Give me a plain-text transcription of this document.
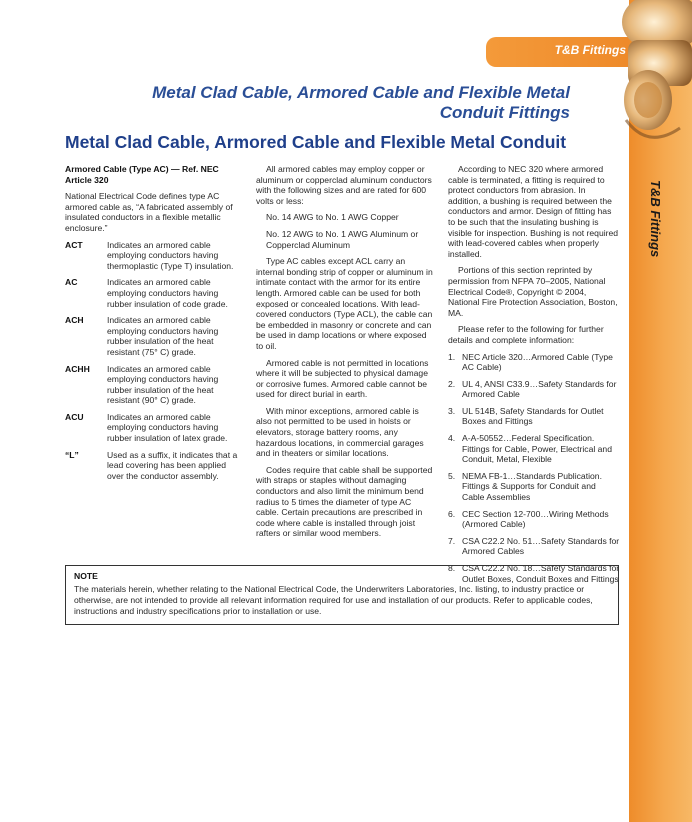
T&B Fittings
T&B Fittings
Metal Clad Cable, Armored Cable and Flexible Metal Conduit Fittings
Metal Clad Cable, Armored Cable and Flexible Metal Conduit

Armored Cable (Type AC) — Ref. NEC Article 320

National Electrical Code defines type AC armored cable as, “A fabricated assembly of insulated conductors in a flexible metallic enclosure.”

ACT	Indicates an armored cable employing conductors having thermoplastic (Type T) insulation.
AC	Indicates an armored cable employing conductors having rubber insulation of code grade.
ACH	Indicates an armored cable employing conductors having rubber insulation of the heat resistant (75° C) grade.
ACHH	Indicates an armored cable employing conductors having rubber insulation of the heat resistant (90° C) grade.
ACU	Indicates an armored cable employing conductors having rubber insulation of latex grade.
“L”	Used as a suffix, it indicates that a lead covering has been applied over the conductor assembly.

All armored cables may employ copper or aluminum or copperclad aluminum conductors with the following sizes and are rated for 600 volts or less:

No. 14 AWG to No. 1 AWG Copper

No. 12 AWG to No. 1 AWG Aluminum or Copperclad Aluminum

Type AC cables except ACL carry an internal bonding strip of copper or aluminum in intimate contact with the armor for its entire length. Armored cable can be used for both exposed or concealed locations. With lead-covered conductors (Type ACL), the cable can be embedded in masonry or concrete and can be used in damp locations or where exposed to oil.

Armored cable is not permitted in locations where it will be subjected to physical damage or corrosive fumes. Armored cable cannot be used for direct burial in earth.

With minor exceptions, armored cable is also not permitted to be used in hoists or elevators, storage battery rooms, any hazardous locations, in commercial garages and in theaters or similar locations.

Codes require that cable shall be supported with straps or staples without damaging conductors and also limit the minimum bend radius to 5 times the diameter of type AC cable. Certain precautions are prescribed in code where cable is installed through joist rafters or similar wood members.

According to NEC 320 where armored cable is terminated, a fitting is required to protect conductors from abrasion. In addition, a bushing is required between the conductors and armor. Design of fitting has to be such that the insulating bushing is visible for inspection. Bushing is not required with lead-covered cables when properly installed.

Portions of this section reprinted by permission from NFPA 70–2005, National Electrical Code®, Copyright © 2004, National Fire Protection Association, Boston, MA.

Please refer to the following for further details and complete information:

1. NEC Article 320…Armored Cable (Type AC Cable)
2. UL 4, ANSI C33.9…Safety Standards for Armored Cable
3. UL 514B, Safety Standards for Outlet Boxes and Fittings
4. A-A-50552…Federal Specification. Fittings for Cable, Power, Electrical and Conduit, Metal, Flexible
5. NEMA FB-1…Standards Publication. Fittings & Supports for Conduit and Cable Assemblies
6. CEC Section 12-700…Wiring Methods (Armored Cable)
7. CSA C22.2 No. 51…Safety Standards for Armored Cables
8. CSA C22.2 No. 18…Safety Standards for Outlet Boxes, Conduit Boxes and Fittings
NOTE
The materials herein, whether relating to the National Electrical Code, the Underwriters Laboratories, Inc. listing, to industry practice or otherwise, are not intended to provide all relevant information required for use and installation of our products. Refer to applicable codes, instructions and industry specifications prior to installation or use.
